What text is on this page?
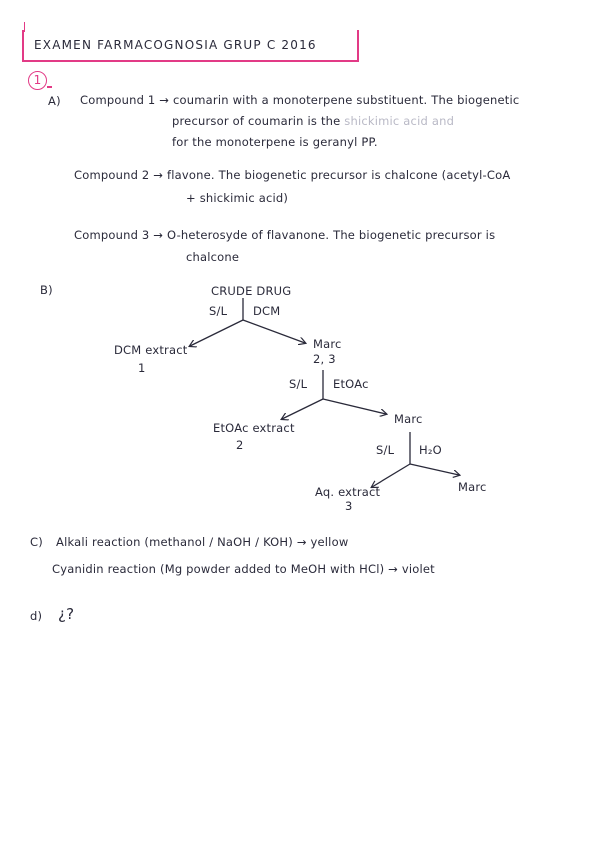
EXAMEN FARMACOGNOSIA GRUP C 2016
1
A) Compound 1 → coumarin with a monoterpene substituent. The biogenetic
precursor of coumarin is the shickimic acid and
for the monoterpene is geranyl PP.
Compound 2 → flavone. The biogenetic precursor is chalcone (acetyl-CoA
+ shickimic acid)
Compound 3 → O-heterosyde of flavanone. The biogenetic precursor is
chalcone
B)	CRUDE DRUG
S/L DCM
DCM extract
1
Marc
2, 3
S/L EtOAc
EtOAc extract
2
Marc
S/L H₂O
Aq. extract
3
Marc
C) Alkali reaction (methanol / NaOH / KOH) → yellow
Cyanidin reaction (Mg powder added to MeOH with HCl) → violet
d) ¿?
